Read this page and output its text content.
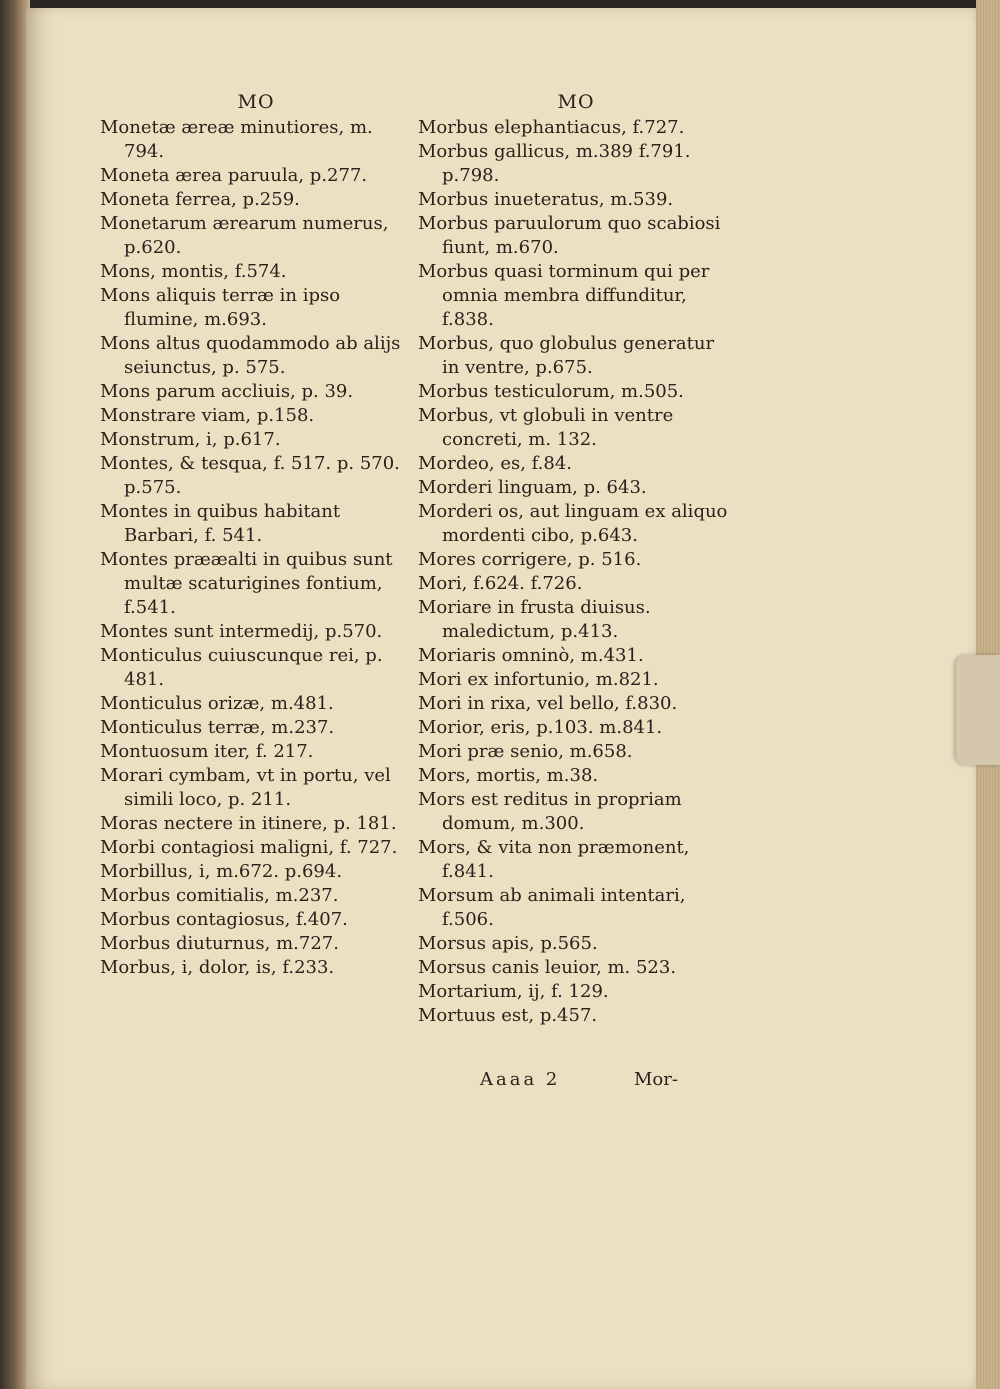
MO

Monetæ æreæ minutiores, m. 794.

Moneta ærea paruula, p.277.

Moneta ferrea, p.259.

Monetarum ærearum numerus, p.620.

Mons, montis, f.574.

Mons aliquis terræ in ipso flumine, m.693.

Mons altus quodammodo ab alijs seiunctus, p. 575.

Mons parum accliuis, p. 39.

Monstrare viam, p.158.

Monstrum, i, p.617.

Montes, & tesqua, f. 517. p. 570. p.575.

Montes in quibus habitant Barbari, f. 541.

Montes prææalti in quibus sunt multæ scaturigines fontium, f.541.

Montes sunt intermedij, p.570.

Monticulus cuiuscunque rei, p. 481.

Monticulus orizæ, m.481.

Monticulus terræ, m.237.

Montuosum iter, f. 217.

Morari cymbam, vt in portu, vel simili loco, p. 211.

Moras nectere in itinere, p. 181.

Morbi contagiosi maligni, f. 727.

Morbillus, i, m.672. p.694.

Morbus comitialis, m.237.

Morbus contagiosus, f.407.

Morbus diuturnus, m.727.

Morbus, i, dolor, is, f.233.

MO

Morbus elephantiacus, f.727.

Morbus gallicus, m.389 f.791. p.798.

Morbus inueteratus, m.539.

Morbus paruulorum quo scabiosi fiunt, m.670.

Morbus quasi torminum qui per omnia membra diffunditur, f.838.

Morbus, quo globulus generatur in ventre, p.675.

Morbus testiculorum, m.505.

Morbus, vt globuli in ventre concreti, m. 132.

Mordeo, es, f.84.

Morderi linguam, p. 643.

Morderi os, aut linguam ex aliquo mordenti cibo, p.643.

Mores corrigere, p. 516.

Mori, f.624. f.726.

Moriare in frusta diuisus. maledictum, p.413.

Moriaris omninò, m.431.

Mori ex infortunio, m.821.

Mori in rixa, vel bello, f.830.

Morior, eris, p.103. m.841.

Mori præ senio, m.658.

Mors, mortis, m.38.

Mors est reditus in propriam domum, m.300.

Mors, & vita non præmonent, f.841.

Morsum ab animali intentari, f.506.

Morsus apis, p.565.

Morsus canis leuior, m. 523.

Mortarium, ij, f. 129.

Mortuus est, p.457.

Aaaa 2	Mor-
